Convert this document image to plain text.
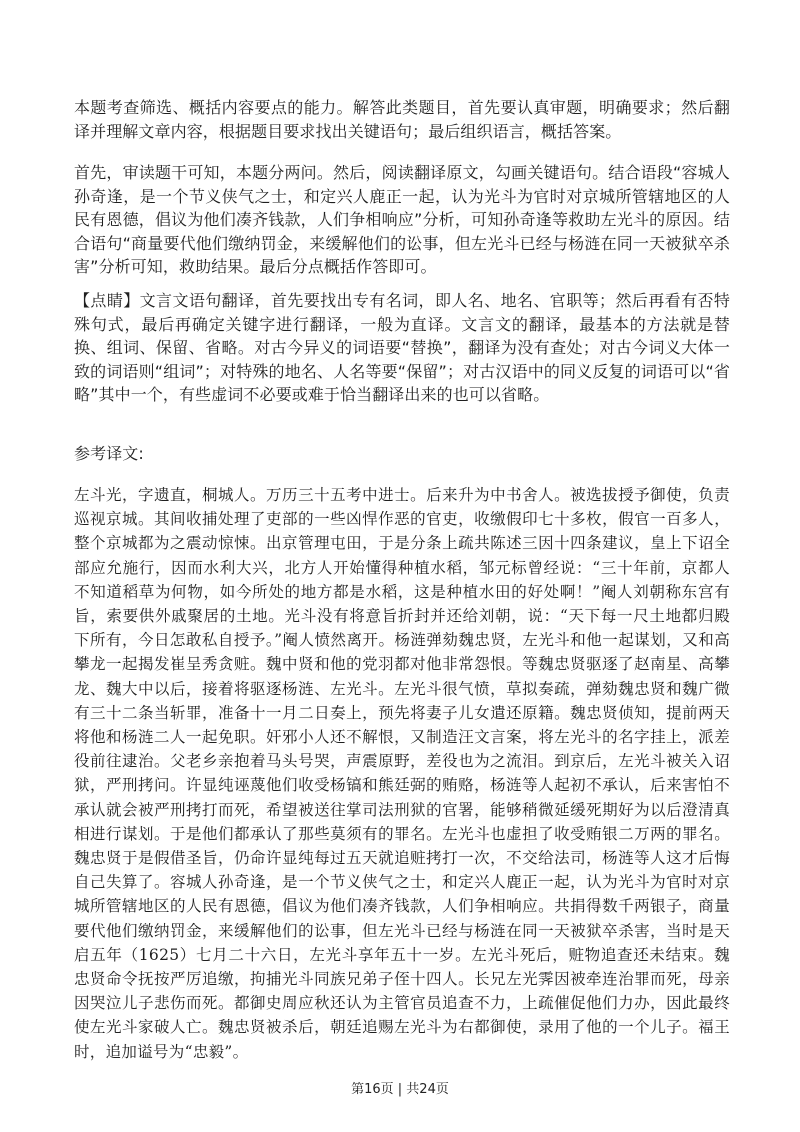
本题考查筛选、概括内容要点的能力。解答此类题目，首先要认真审题，明确要求；然后翻译并理解文章内容，根据题目要求找出关键语句；最后组织语言，概括答案。

首先，审读题干可知，本题分两问。然后，阅读翻译原文，勾画关键语句。结合语段“容城人孙奇逢，是一个节义侠气之士，和定兴人鹿正一起，认为光斗为官时对京城所管辖地区的人民有恩德，倡议为他们凑齐钱款，人们争相响应”分析，可知孙奇逢等救助左光斗的原因。结合语句“商量要代他们缴纳罚金，来缓解他们的讼事，但左光斗已经与杨涟在同一天被狱卒杀害”分析可知，救助结果。最后分点概括作答即可。

【点睛】文言文语句翻译，首先要找出专有名词，即人名、地名、官职等；然后再看有否特殊句式，最后再确定关键字进行翻译，一般为直译。文言文的翻译，最基本的方法就是替换、组词、保留、省略。对古今异义的词语要“替换”，翻译为没有查处；对古今词义大体一致的词语则“组词”；对特殊的地名、人名等要“保留”；对古汉语中的同义反复的词语可以“省略”其中一个，有些虚词不必要或难于恰当翻译出来的也可以省略。

参考译文:

左斗光，字遗直，桐城人。万历三十五考中进士。后来升为中书舍人。被选拔授予御使，负责巡视京城。其间收捕处理了吏部的一些凶悍作恶的官吏，收缴假印七十多枚，假官一百多人，整个京城都为之震动惊悚。出京管理屯田，于是分条上疏共陈述三因十四条建议，皇上下诏全部应允施行，因而水利大兴，北方人开始懂得种植水稻，邹元标曾经说：“三十年前，京都人不知道稻草为何物，如今所处的地方都是水稻，这是种植水田的好处啊！”阉人刘朝称东宫有旨，索要供外戚聚居的土地。光斗没有将意旨折封并还给刘朝，说：“天下每一尺土地都归殿下所有，今日怎敢私自授予。”阉人愤然离开。杨涟弹劾魏忠贤，左光斗和他一起谋划，又和高攀龙一起揭发崔呈秀贪赃。魏中贤和他的党羽都对他非常怨恨。等魏忠贤驱逐了赵南星、高攀龙、魏大中以后，接着将驱逐杨涟、左光斗。左光斗很气愤，草拟奏疏，弹劾魏忠贤和魏广微有三十二条当斩罪，准备十一月二日奏上，预先将妻子儿女遣还原籍。魏忠贤侦知，提前两天将他和杨涟二人一起免职。奸邪小人还不解恨，又制造汪文言案，将左光斗的名字挂上，派差役前往逮治。父老乡亲抱着马头号哭，声震原野，差役也为之流泪。到京后，左光斗被关入诏狱，严刑拷问。许显纯诬蔑他们收受杨镐和熊廷弼的贿赂，杨涟等人起初不承认，后来害怕不承认就会被严刑拷打而死，希望被送往掌司法刑狱的官署，能够稍微延缓死期好为以后澄清真相进行谋划。于是他们都承认了那些莫须有的罪名。左光斗也虚担了收受贿银二万两的罪名。魏忠贤于是假借圣旨，仍命许显纯每过五天就追赃拷打一次，不交给法司，杨涟等人这才后悔自己失算了。容城人孙奇逢，是一个节义侠气之士，和定兴人鹿正一起，认为光斗为官时对京城所管辖地区的人民有恩德，倡议为他们凑齐钱款，人们争相响应。共捐得数千两银子，商量要代他们缴纳罚金，来缓解他们的讼事，但左光斗已经与杨涟在同一天被狱卒杀害，当时是天启五年（1625）七月二十六日，左光斗享年五十一岁。左光斗死后，赃物追查还未结束。魏忠贤命令抚按严厉追缴，拘捕光斗同族兄弟子侄十四人。长兄左光霁因被牵连治罪而死，母亲因哭泣儿子悲伤而死。都御史周应秋还认为主管官员追查不力，上疏催促他们力办，因此最终使左光斗家破人亡。魏忠贤被杀后，朝廷追赐左光斗为右都御使，录用了他的一个儿子。福王时，追加谥号为“忠毅”。

第16页 | 共24页
